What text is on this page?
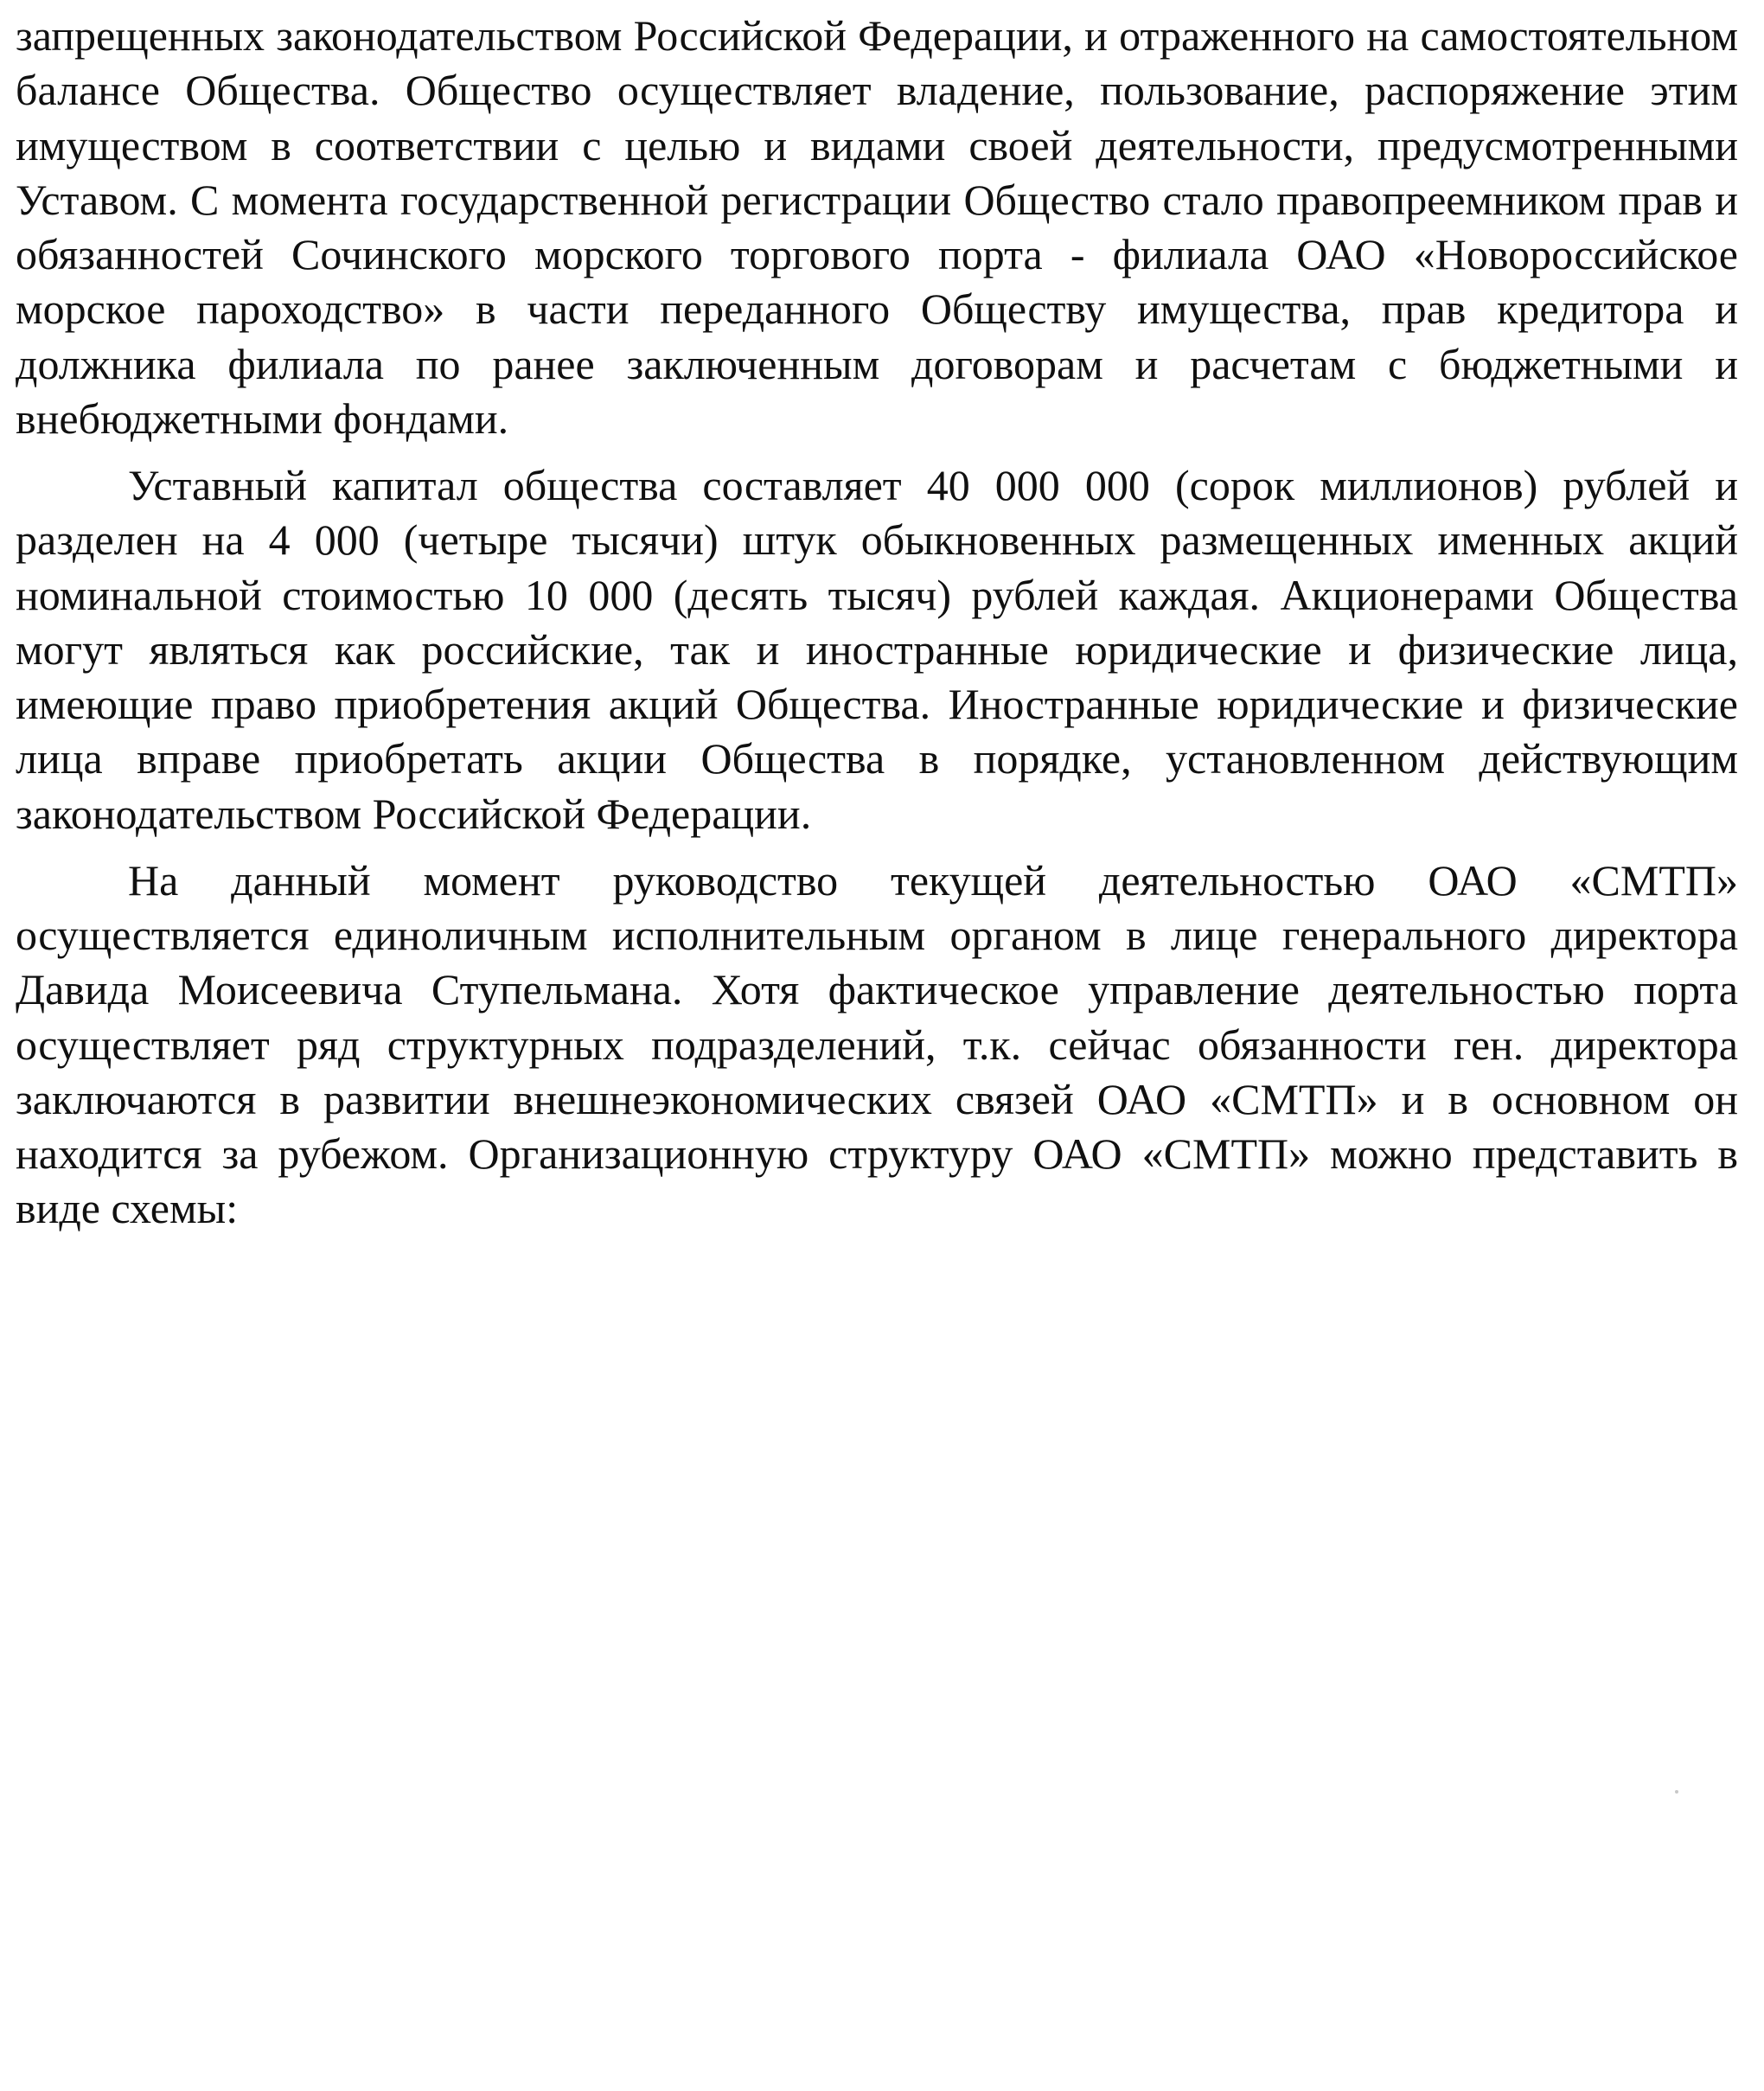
запрещенных законодательством Российской Федерации, и отраженного на самостоятельном балансе Общества. Общество осуществляет владение, пользование, распоряжение этим имуществом в соответствии с целью и видами своей деятельности, предусмотренными Уставом. С момента государственной регистрации Общество стало правопреемником прав и обязанностей Сочинского морского торгового порта - филиала ОАО «Новороссийское морское пароходство» в части переданного Обществу имущества, прав кредитора и должника филиала по ранее заключенным договорам и расчетам с бюджетными и внебюджетными фондами.

Уставный капитал общества составляет 40 000 000 (сорок миллионов) рублей и разделен на 4 000 (четыре тысячи) штук обыкновенных размещенных именных акций номинальной стоимостью 10 000 (десять тысяч) рублей каждая. Акционерами Общества могут являться как российские, так и иностранные юридические и физические лица, имеющие право приобретения акций Общества. Иностранные юридические и физические лица вправе приобретать акции Общества в порядке, установленном действующим законодательством Российской Федерации.

На данный момент руководство текущей деятельностью ОАО «СМТП» осуществляется единоличным исполнительным органом в лице генерального директора Давида Моисеевича Ступельмана. Хотя фактическое управление деятельностью порта осуществляет ряд структурных подразделений, т.к. сейчас обязанности ген. директора заключаются в развитии внешнеэкономических связей ОАО «СМТП» и в основном он находится за рубежом. Организационную структуру ОАО «СМТП» можно представить в виде схемы:
